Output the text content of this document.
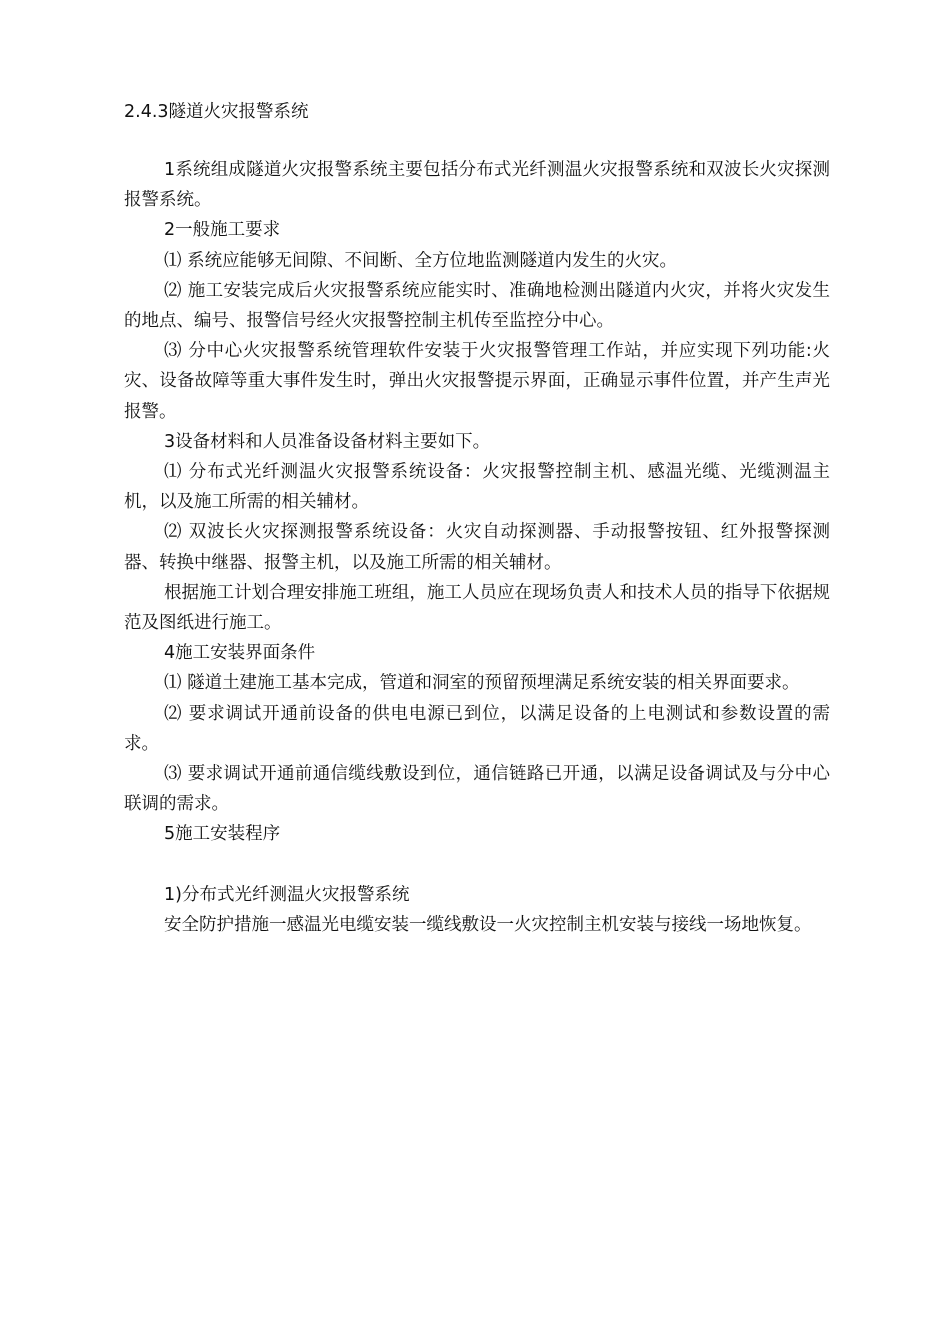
2.4.3隧道火灾报警系统

1系统组成隧道火灾报警系统主要包括分布式光纤测温火灾报警系统和双波长火灾探测报警系统。

2一般施工要求

⑴ 系统应能够无间隙、不间断、全方位地监测隧道内发生的火灾。

⑵ 施工安装完成后火灾报警系统应能实时、准确地检测出隧道内火灾，并将火灾发生的地点、编号、报警信号经火灾报警控制主机传至监控分中心。

⑶ 分中心火灾报警系统管理软件安装于火灾报警管理工作站，并应实现下列功能:火灾、设备故障等重大事件发生时，弹出火灾报警提示界面，正确显示事件位置，并产生声光报警。

3设备材料和人员准备设备材料主要如下。

⑴ 分布式光纤测温火灾报警系统设备：火灾报警控制主机、感温光缆、光缆测温主机，以及施工所需的相关辅材。

⑵ 双波长火灾探测报警系统设备：火灾自动探测器、手动报警按钮、红外报警探测器、转换中继器、报警主机，以及施工所需的相关辅材。

根据施工计划合理安排施工班组，施工人员应在现场负责人和技术人员的指导下依据规范及图纸进行施工。

4施工安装界面条件

⑴ 隧道土建施工基本完成，管道和洞室的预留预埋满足系统安装的相关界面要求。

⑵ 要求调试开通前设备的供电电源已到位，以满足设备的上电测试和参数设置的需求。

⑶ 要求调试开通前通信缆线敷设到位，通信链路已开通，以满足设备调试及与分中心联调的需求。

5施工安装程序

1)分布式光纤测温火灾报警系统

安全防护措施一感温光电缆安装一缆线敷设一火灾控制主机安装与接线一场地恢复。
